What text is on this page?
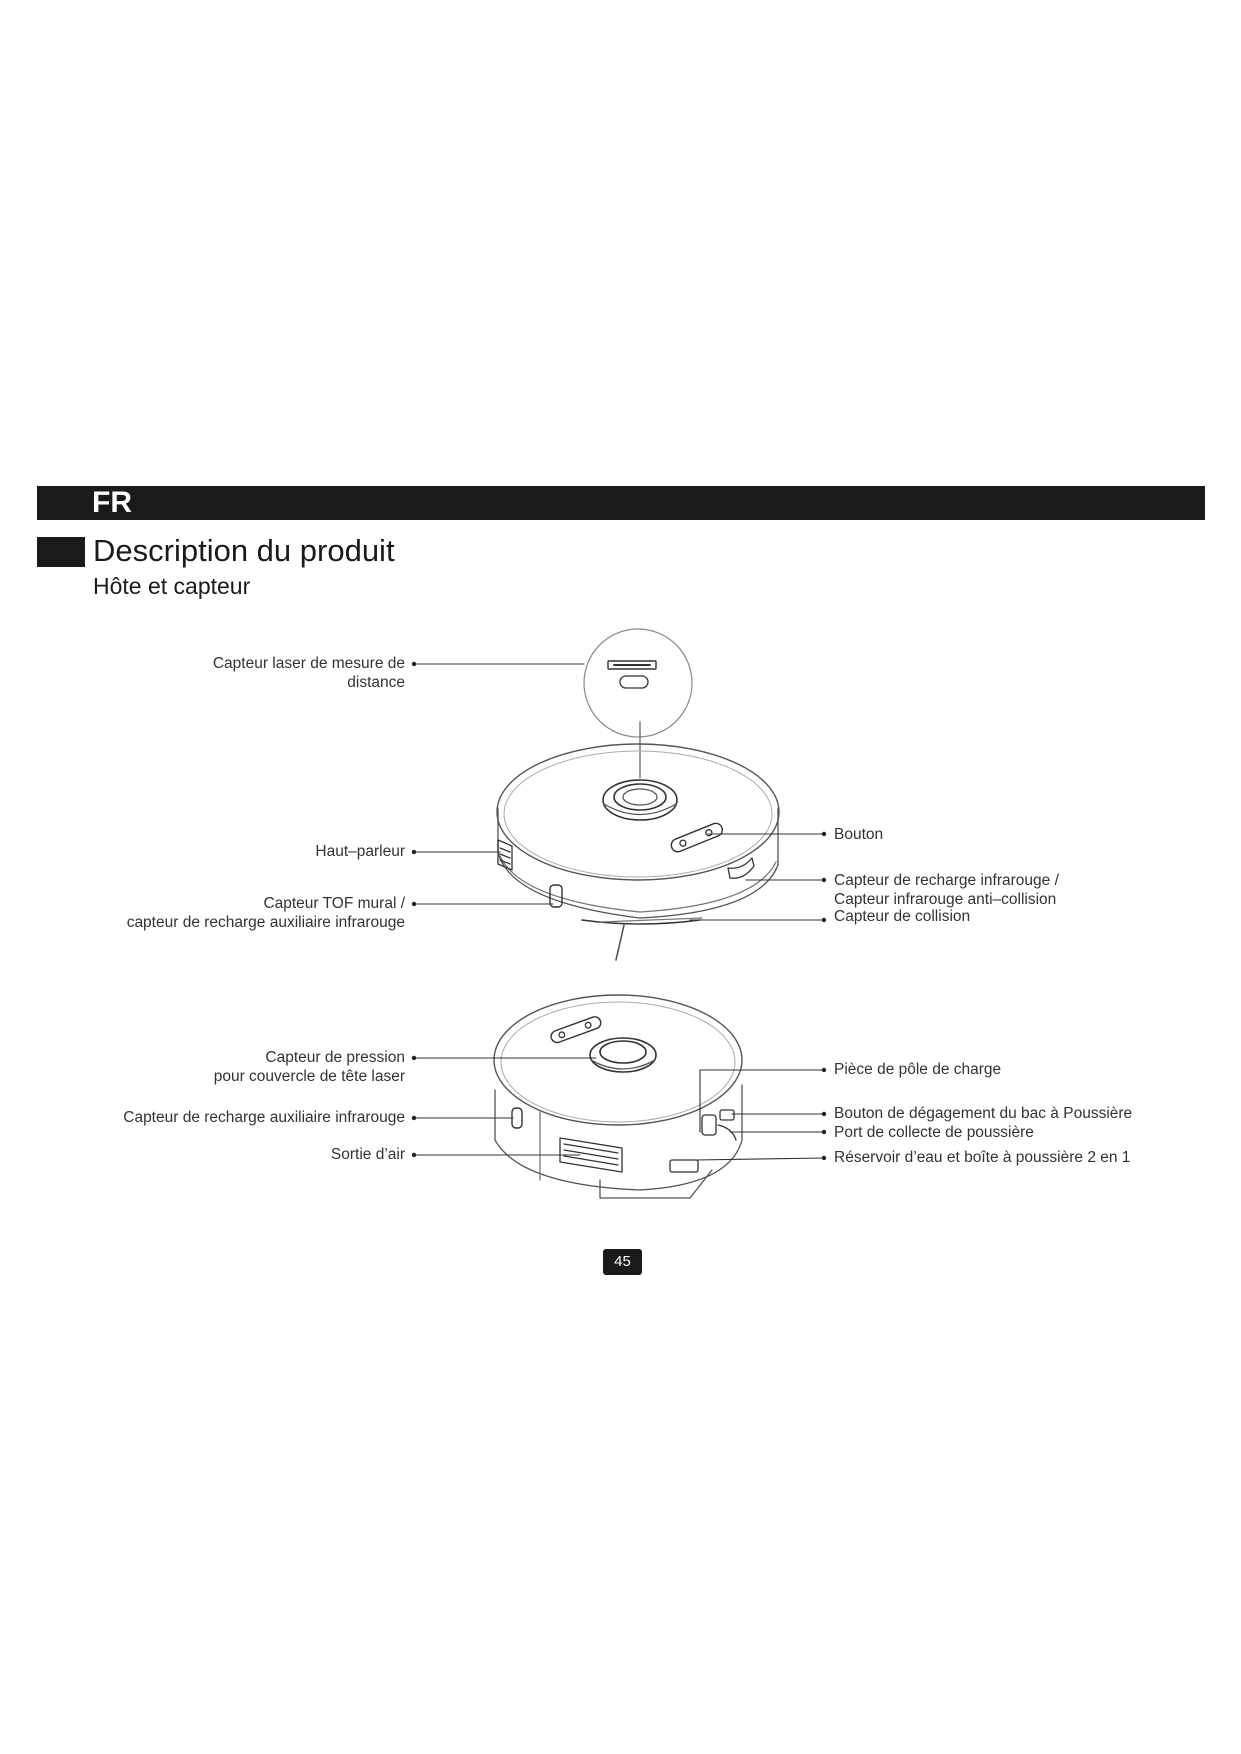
FR
Description du produit
Hôte et capteur
Capteur laser de mesure de
distance
Haut–parleur
Capteur TOF mural /
capteur de recharge auxiliaire infrarouge
Capteur de pression
pour couvercle de tête laser
Capteur de recharge auxiliaire infrarouge
Sortie d’air
Bouton
Capteur de recharge infrarouge /
Capteur infrarouge anti–collision
Capteur de collision
Pièce de pôle de charge
Bouton de dégagement du bac à Poussière
Port de collecte de poussière
Réservoir d’eau et boîte à poussière 2 en 1
45
